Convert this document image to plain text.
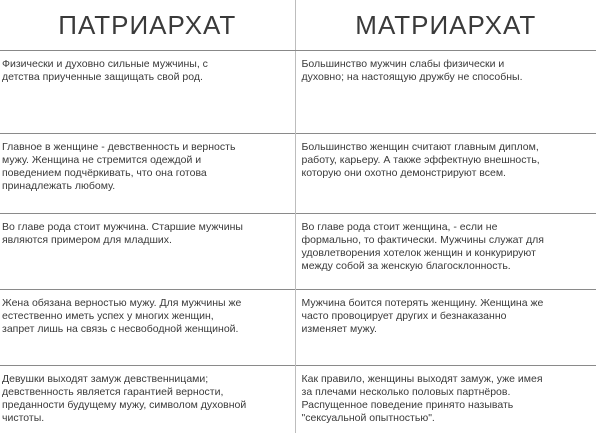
ПАТРИАРХАТ	МАТРИАРХАТ

Физически и духовно сильные мужчины, с
детства приученные защищать свой род.	Большинство мужчин слабы физически и
духовно; на настоящую дружбу не способны.

Главное в женщине - девственность и верность
мужу. Женщина не стремится одеждой и
поведением подчёркивать, что она готова
принадлежать любому.	Большинство женщин считают главным диплом,
работу, карьеру. А также эффектную внешность,
которую они охотно демонстрируют всем.

Во главе рода стоит мужчина. Старшие мужчины
являются примером для младших.	Во главе рода стоит женщина, - если не
формально, то фактически. Мужчины служат для
удовлетворения хотелок женщин и конкурируют
между собой за женскую благосклонность.

Жена обязана верностью мужу. Для мужчины же
естественно иметь успех у многих женщин,
запрет лишь на связь с несвободной женщиной.	Мужчина боится потерять женщину. Женщина же
часто провоцирует других и безнаказанно
изменяет мужу.

Девушки выходят замуж девственницами;
девственность является гарантией верности,
преданности будущему мужу, символом духовной
чистоты.	Как правило, женщины выходят замуж, уже имея
за плечами несколько половых партнёров.
Распущенное поведение принято называть
"сексуальной опытностью".
